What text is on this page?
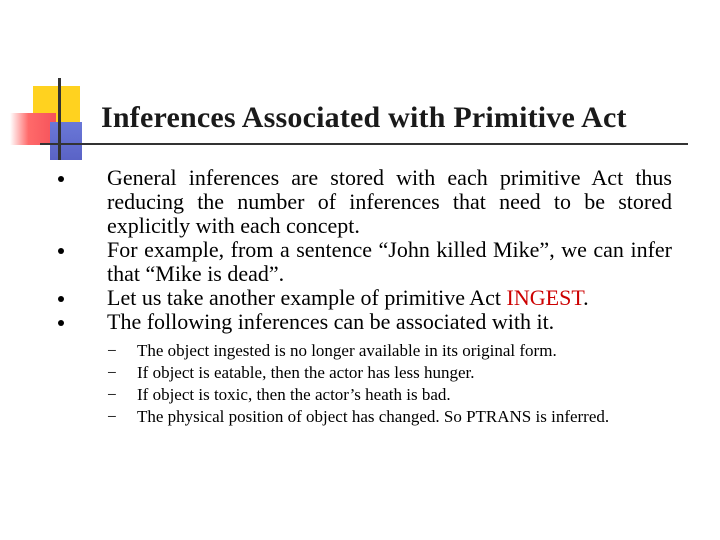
Inferences Associated with Primitive Act
General inferences are stored with each primitive Act thus reducing the number of inferences that need to be stored explicitly with each concept.
For example, from a sentence “John killed Mike”, we can infer that “Mike is dead”.
Let us take another example of primitive Act INGEST.
The following inferences can be associated with it.
− The object ingested is no longer available in its original form.
− If object is eatable, then the actor has less hunger.
− If object is toxic, then the actor’s heath is bad.
− The physical position of object has changed. So PTRANS is inferred.
